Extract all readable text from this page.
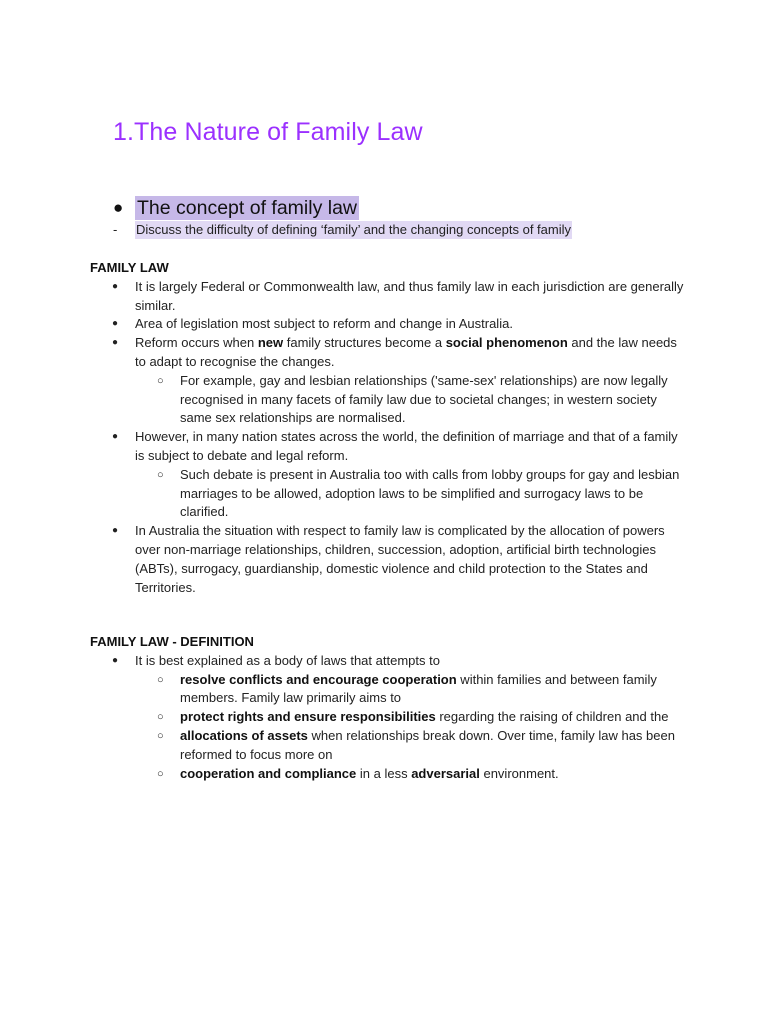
1.The Nature of Family Law
● The concept of family law
-	Discuss the difficulty of defining ‘family’ and the changing concepts of family

FAMILY LAW

● It is largely Federal or Commonwealth law, and thus family law in each jurisdiction are generally similar.
● Area of legislation most subject to reform and change in Australia.
● Reform occurs when new family structures become a social phenomenon and the law needs to adapt to recognise the changes.
○ For example, gay and lesbian relationships ('same-sex' relationships) are now legally recognised in many facets of family law due to societal changes; in western society same sex relationships are normalised.
● However, in many nation states across the world, the definition of marriage and that of a family is subject to debate and legal reform.
○ Such debate is present in Australia too with calls from lobby groups for gay and lesbian marriages to be allowed, adoption laws to be simplified and surrogacy laws to be clarified.
● In Australia the situation with respect to family law is complicated by the allocation of powers over non-marriage relationships, children, succession, adoption, artificial birth technologies (ABTs), surrogacy, guardianship, domestic violence and child protection to the States and Territories.

FAMILY LAW - DEFINITION

● It is best explained as a body of laws that attempts to
○ resolve conflicts and encourage cooperation within families and between family members. Family law primarily aims to
○ protect rights and ensure responsibilities regarding the raising of children and the
○ allocations of assets when relationships break down. Over time, family law has been reformed to focus more on
○ cooperation and compliance in a less adversarial environment.
